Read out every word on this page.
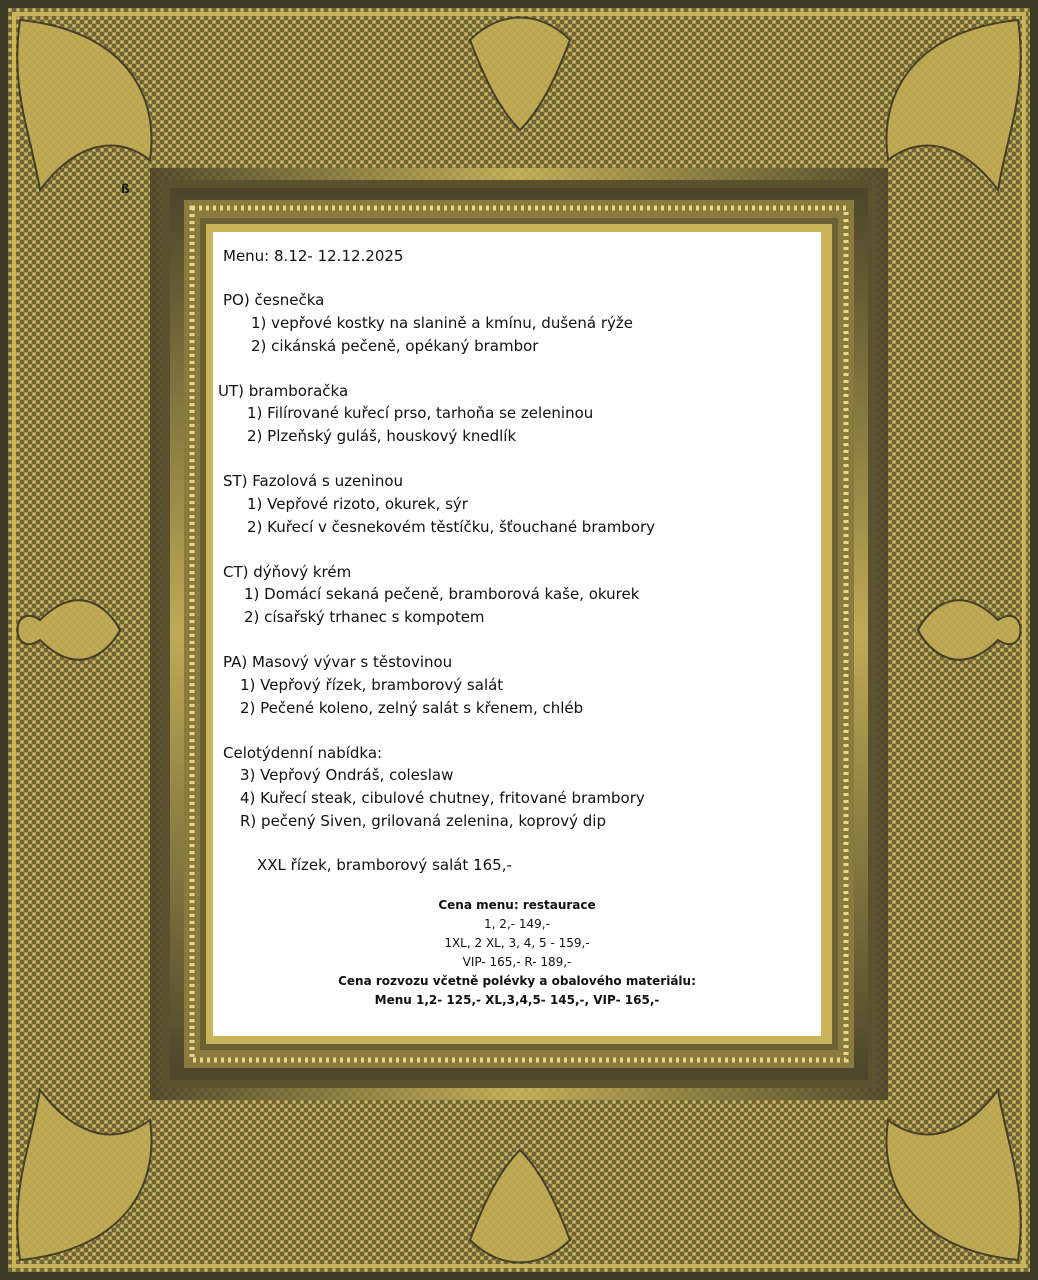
ß
Menu: 8.12- 12.12.2025
PO) česnečka
1) vepřové kostky na slanině a kmínu, dušená rýže
2) cikánská pečeně, opékaný brambor
UT) bramboračka
1) Filírované kuřecí prso, tarhoňa se zeleninou
2) Plzeňský guláš, houskový knedlík
ST) Fazolová s uzeninou
1) Vepřové rizoto, okurek, sýr
2) Kuřecí v česnekovém těstíčku, šťouchané brambory
CT) dýňový krém
1) Domácí sekaná pečeně, bramborová kaše, okurek
2) císařský trhanec s kompotem
PA) Masový vývar s těstovinou
1) Vepřový řízek, bramborový salát
2) Pečené koleno, zelný salát s křenem, chléb
Celotýdenní nabídka:
3) Vepřový Ondráš, coleslaw
4) Kuřecí steak, cibulové chutney, fritované brambory
R) pečený Siven, grilovaná zelenina, koprový dip
XXL řízek, bramborový salát 165,-
Cena menu: restaurace
1, 2,- 149,-
1XL, 2 XL, 3, 4, 5 - 159,-
VIP- 165,- R- 189,-
Cena rozvozu včetně polévky a obalového materiálu:
Menu 1,2- 125,- XL,3,4,5- 145,-, VIP- 165,-
